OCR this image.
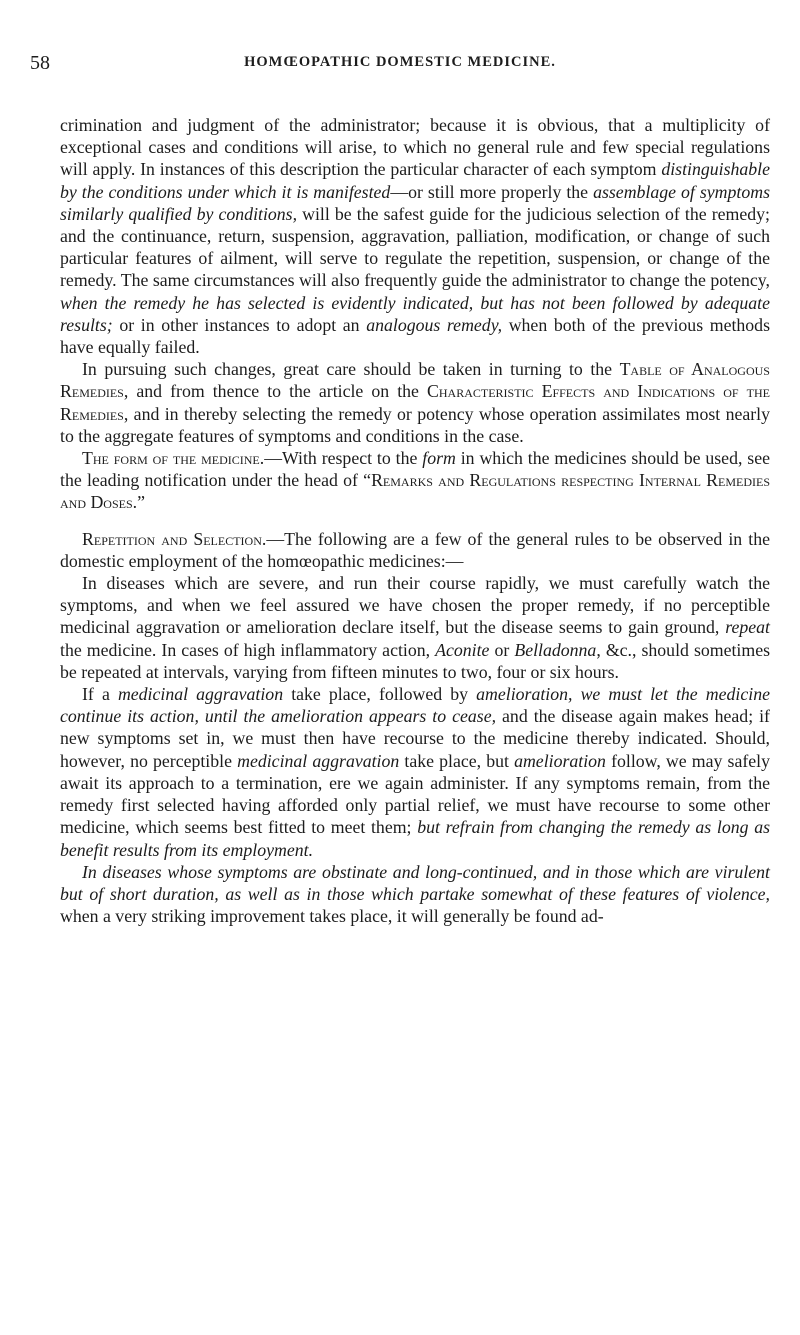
58	HOMŒOPATHIC DOMESTIC MEDICINE.

crimination and judgment of the administrator; because it is obvious, that a multiplicity of exceptional cases and conditions will arise, to which no general rule and few special regulations will apply. In instances of this description the particular character of each symptom distinguishable by the conditions under which it is manifested—or still more properly the assemblage of symptoms similarly qualified by conditions, will be the safest guide for the judicious selection of the remedy; and the continuance, return, suspension, aggravation, palliation, modification, or change of such particular features of ailment, will serve to regulate the repetition, suspension, or change of the remedy. The same circumstances will also frequently guide the administrator to change the potency, when the remedy he has selected is evidently indicated, but has not been followed by adequate results; or in other instances to adopt an analogous remedy, when both of the previous methods have equally failed.

In pursuing such changes, great care should be taken in turning to the Table of Analogous Remedies, and from thence to the article on the Characteristic Effects and Indications of the Remedies, and in thereby selecting the remedy or potency whose operation assimilates most nearly to the aggregate features of symptoms and conditions in the case.

The form of the medicine.—With respect to the form in which the medicines should be used, see the leading notification under the head of “Remarks and Regulations respecting Internal Remedies and Doses.”

Repetition and Selection.—The following are a few of the general rules to be observed in the domestic employment of the homœopathic medicines:—

In diseases which are severe, and run their course rapidly, we must carefully watch the symptoms, and when we feel assured we have chosen the proper remedy, if no perceptible medicinal aggravation or amelioration declare itself, but the disease seems to gain ground, repeat the medicine. In cases of high inflammatory action, Aconite or Belladonna, &c., should sometimes be repeated at intervals, varying from fifteen minutes to two, four or six hours.

If a medicinal aggravation take place, followed by amelioration, we must let the medicine continue its action, until the amelioration appears to cease, and the disease again makes head; if new symptoms set in, we must then have recourse to the medicine thereby indicated. Should, however, no perceptible medicinal aggravation take place, but amelioration follow, we may safely await its approach to a termination, ere we again administer. If any symptoms remain, from the remedy first selected having afforded only partial relief, we must have recourse to some other medicine, which seems best fitted to meet them; but refrain from changing the remedy as long as benefit results from its employment.

In diseases whose symptoms are obstinate and long-continued, and in those which are virulent but of short duration, as well as in those which partake somewhat of these features of violence, when a very striking improvement takes place, it will generally be found ad-
